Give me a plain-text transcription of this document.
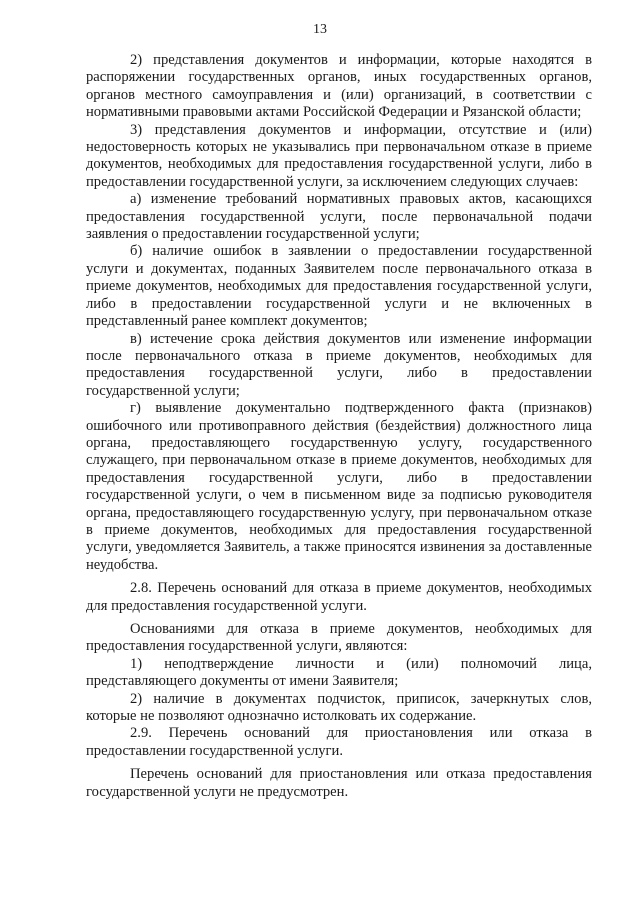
13

2) представления документов и информации, которые находятся в распоряжении государственных органов, иных государственных органов, органов местного самоуправления и (или) организаций, в соответствии с нормативными правовыми актами Российской Федерации и Рязанской области;

3) представления документов и информации, отсутствие и (или) недостоверность которых не указывались при первоначальном отказе в приеме документов, необходимых для предоставления государственной услуги, либо в предоставлении государственной услуги, за исключением следующих случаев:

а) изменение требований нормативных правовых актов, касающихся предоставления государственной услуги, после первоначальной подачи заявления о предоставлении государственной услуги;

б) наличие ошибок в заявлении о предоставлении государственной услуги и документах, поданных Заявителем после первоначального отказа в приеме документов, необходимых для предоставления государственной услуги, либо в предоставлении государственной услуги и не включенных в представленный ранее комплект документов;

в) истечение срока действия документов или изменение информации после первоначального отказа в приеме документов, необходимых для предоставления государственной услуги, либо в предоставлении государственной услуги;

г) выявление документально подтвержденного факта (признаков) ошибочного или противоправного действия (бездействия) должностного лица органа, предоставляющего государственную услугу, государственного служащего, при первоначальном отказе в приеме документов, необходимых для предоставления государственной услуги, либо в предоставлении государственной услуги, о чем в письменном виде за подписью руководителя органа, предоставляющего государственную услугу, при первоначальном отказе в приеме документов, необходимых для предоставления государственной услуги, уведомляется Заявитель, а также приносятся извинения за доставленные неудобства.

2.8. Перечень оснований для отказа в приеме документов, необходимых для предоставления государственной услуги.

Основаниями для отказа в приеме документов, необходимых для предоставления государственной услуги, являются:

1) неподтверждение личности и (или) полномочий лица, представляющего документы от имени Заявителя;

2) наличие в документах подчисток, приписок, зачеркнутых слов, которые не позволяют однозначно истолковать их содержание.

2.9. Перечень оснований для приостановления или отказа в предоставлении государственной услуги.

Перечень оснований для приостановления или отказа предоставления государственной услуги не предусмотрен.
